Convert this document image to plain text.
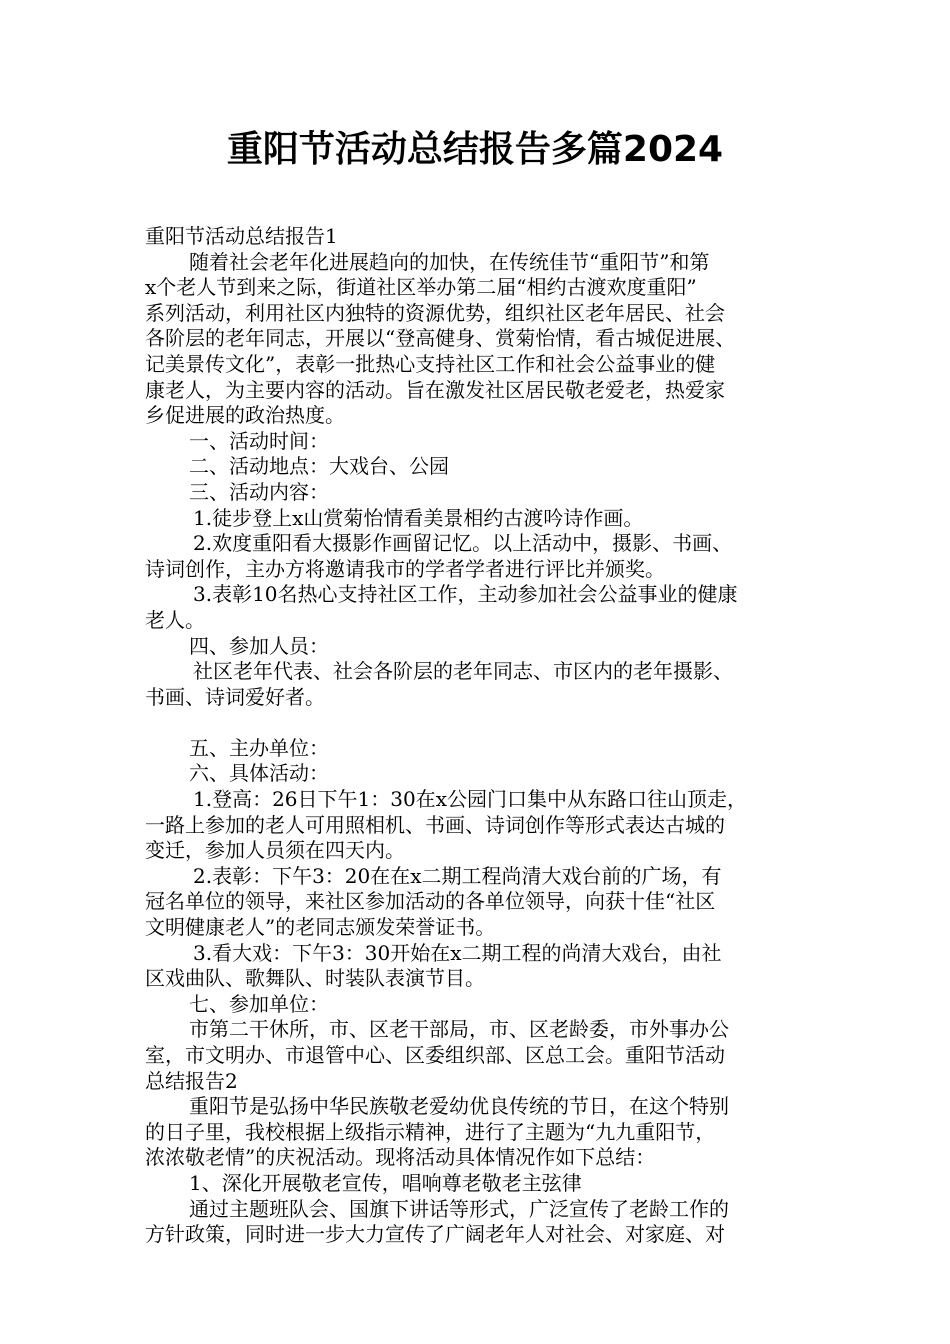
重阳节活动总结报告多篇2024
重阳节活动总结报告1
随着社会老年化进展趋向的加快，在传统佳节“重阳节”和第
x个老人节到来之际，街道社区举办第二届“相约古渡欢度重阳”
系列活动，利用社区内独特的资源优势，组织社区老年居民、社会
各阶层的老年同志，开展以“登高健身、赏菊怡情，看古城促进展、
记美景传文化”，表彰一批热心支持社区工作和社会公益事业的健
康老人，为主要内容的活动。旨在激发社区居民敬老爱老，热爱家
乡促进展的政治热度。
一、活动时间：
二、活动地点：大戏台、公园
三、活动内容：
1.徒步登上x山赏菊怡情看美景相约古渡吟诗作画。
2.欢度重阳看大摄影作画留记忆。以上活动中，摄影、书画、
诗词创作，主办方将邀请我市的学者学者进行评比并颁奖。
3.表彰10名热心支持社区工作，主动参加社会公益事业的健康
老人。
四、参加人员：
社区老年代表、社会各阶层的老年同志、市区内的老年摄影、
书画、诗词爱好者。
五、主办单位：
六、具体活动：
1.登高：26日下午1：30在x公园门口集中从东路口往山顶走，
一路上参加的老人可用照相机、书画、诗词创作等形式表达古城的
变迁，参加人员须在四天内。
2.表彰：下午3：20在在x二期工程尚清大戏台前的广场，有
冠名单位的领导，来社区参加活动的各单位领导，向获十佳“社区
文明健康老人”的老同志颁发荣誉证书。
3.看大戏：下午3：30开始在x二期工程的尚清大戏台，由社
区戏曲队、歌舞队、时装队表演节目。
七、参加单位：
市第二干休所，市、区老干部局，市、区老龄委，市外事办公
室，市文明办、市退管中心、区委组织部、区总工会。重阳节活动
总结报告2
重阳节是弘扬中华民族敬老爱幼优良传统的节日，在这个特别
的日子里，我校根据上级指示精神，进行了主题为“九九重阳节，
浓浓敬老情”的庆祝活动。现将活动具体情况作如下总结：
1、深化开展敬老宣传，唱响尊老敬老主弦律
通过主题班队会、国旗下讲话等形式，广泛宣传了老龄工作的
方针政策，同时进一步大力宣传了广阔老年人对社会、对家庭、对
